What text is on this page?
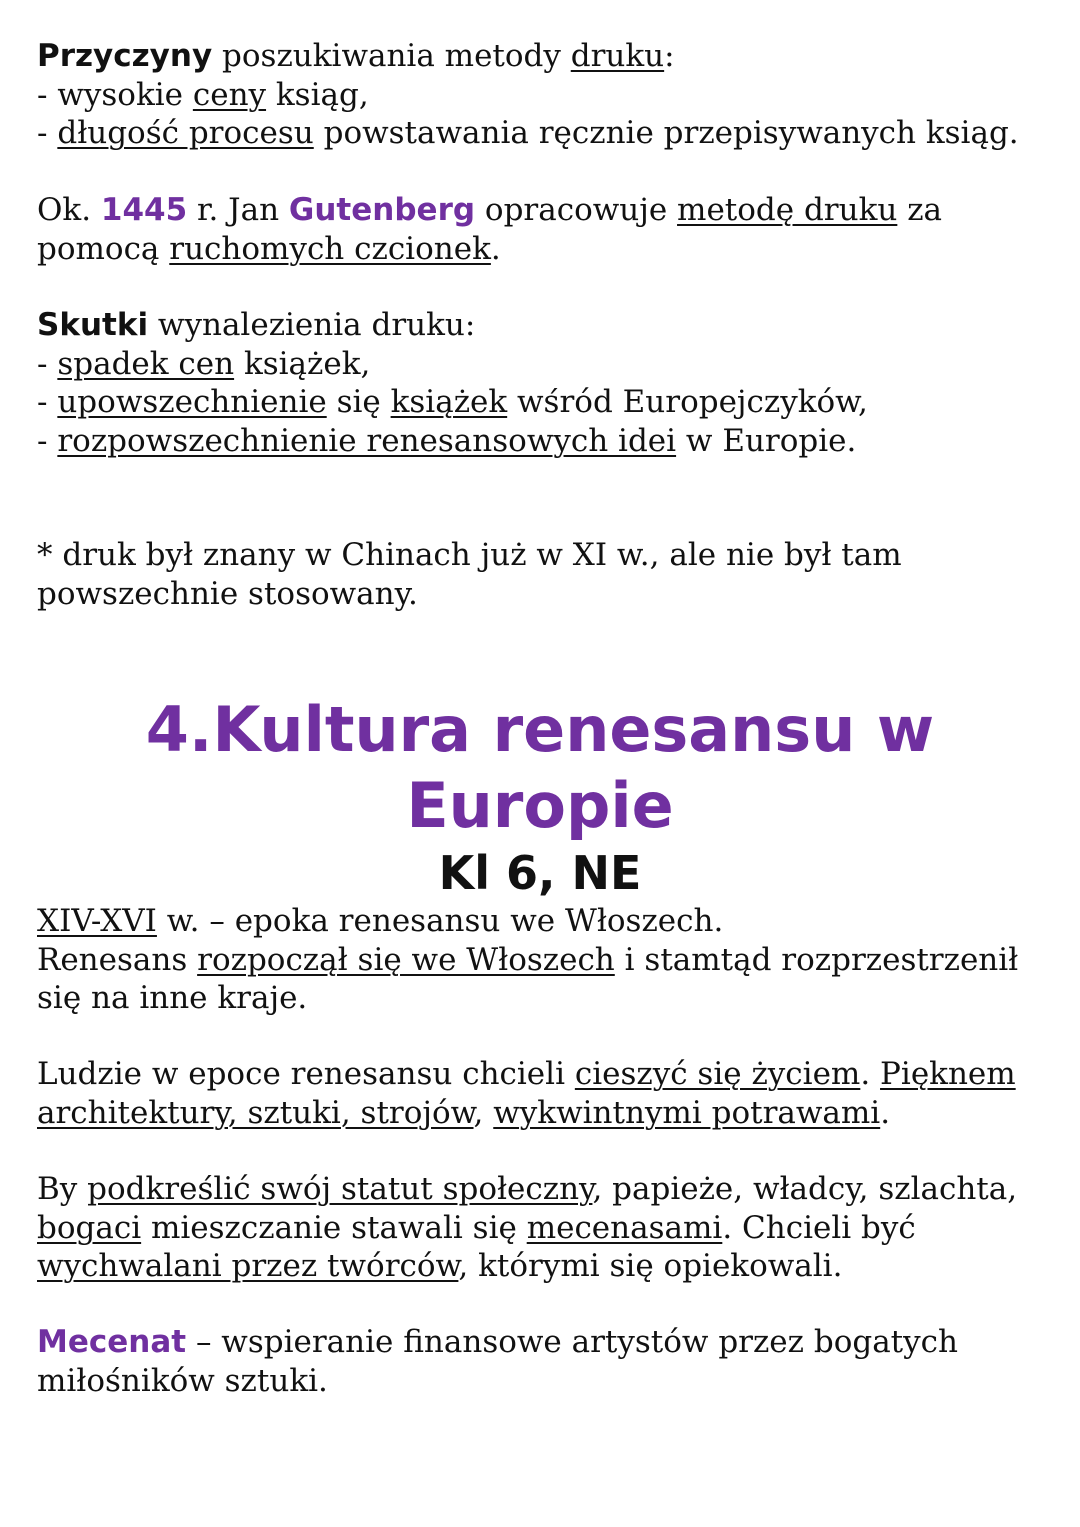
Przyczyny poszukiwania metody druku:
- wysokie ceny ksiąg,
- długość procesu powstawania ręcznie przepisywanych ksiąg.
Ok. 1445 r. Jan Gutenberg opracowuje metodę druku za
pomocą ruchomych czcionek.
Skutki wynalezienia druku:
- spadek cen książek,
- upowszechnienie się książek wśród Europejczyków,
- rozpowszechnienie renesansowych idei w Europie.
* druk był znany w Chinach już w XI w., ale nie był tam
powszechnie stosowany.
4.Kultura renesansu w
Europie
Kl 6, NE
XIV-XVI w. – epoka renesansu we Włoszech.
Renesans rozpoczął się we Włoszech i stamtąd rozprzestrzenił
się na inne kraje.
Ludzie w epoce renesansu chcieli cieszyć się życiem. Pięknem
architektury, sztuki, strojów, wykwintnymi potrawami.
By podkreślić swój statut społeczny, papieże, władcy, szlachta,
bogaci mieszczanie stawali się mecenasami. Chcieli być
wychwalani przez twórców, którymi się opiekowali.
Mecenat – wspieranie finansowe artystów przez bogatych
miłośników sztuki.
